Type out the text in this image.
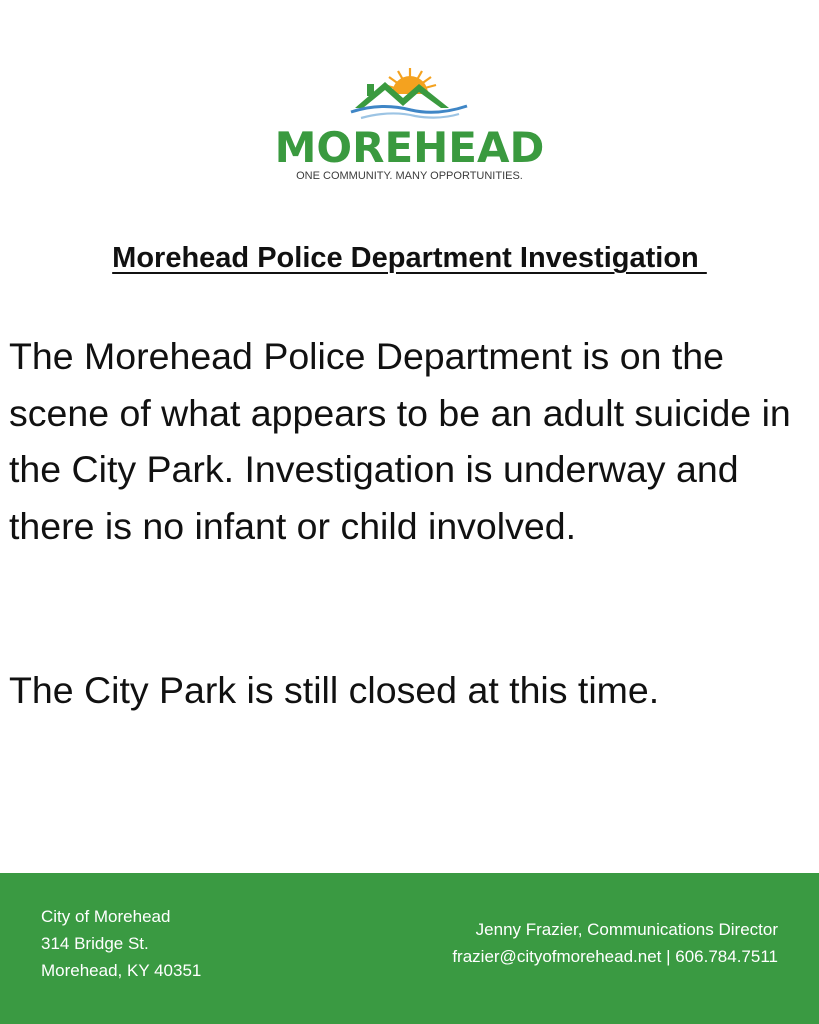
MOREHEAD
ONE COMMUNITY. MANY OPPORTUNITIES.
Morehead Police Department Investigation

The Morehead Police Department is on the scene of what appears to be an adult suicide in the City Park. Investigation is underway and there is no infant or child involved.

The City Park is still closed at this time.

City of Morehead
314 Bridge St.
Morehead, KY 40351
Jenny Frazier, Communications Director
frazier@cityofmorehead.net | 606.784.7511
